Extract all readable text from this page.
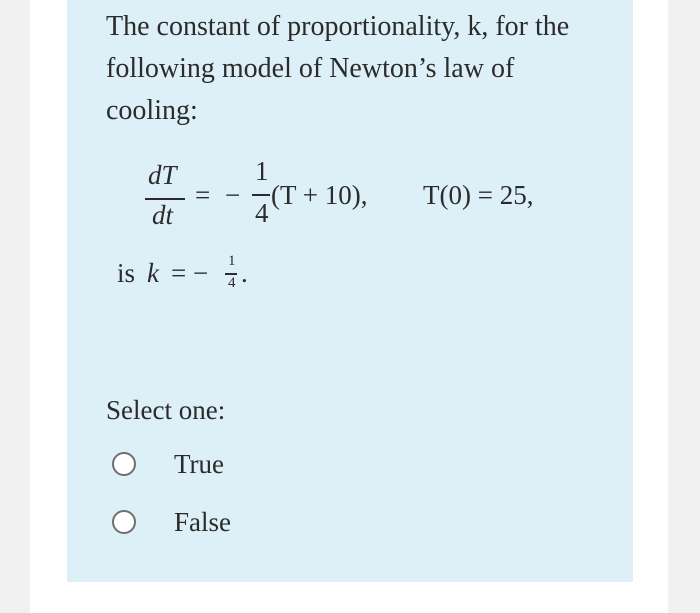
The constant of proportionality, k, for the following model of Newton’s law of cooling:
dT
dt
= −
1
4
(T + 10), T(0) = 25,
is k = − 1
4 .
Select one:
True
False
